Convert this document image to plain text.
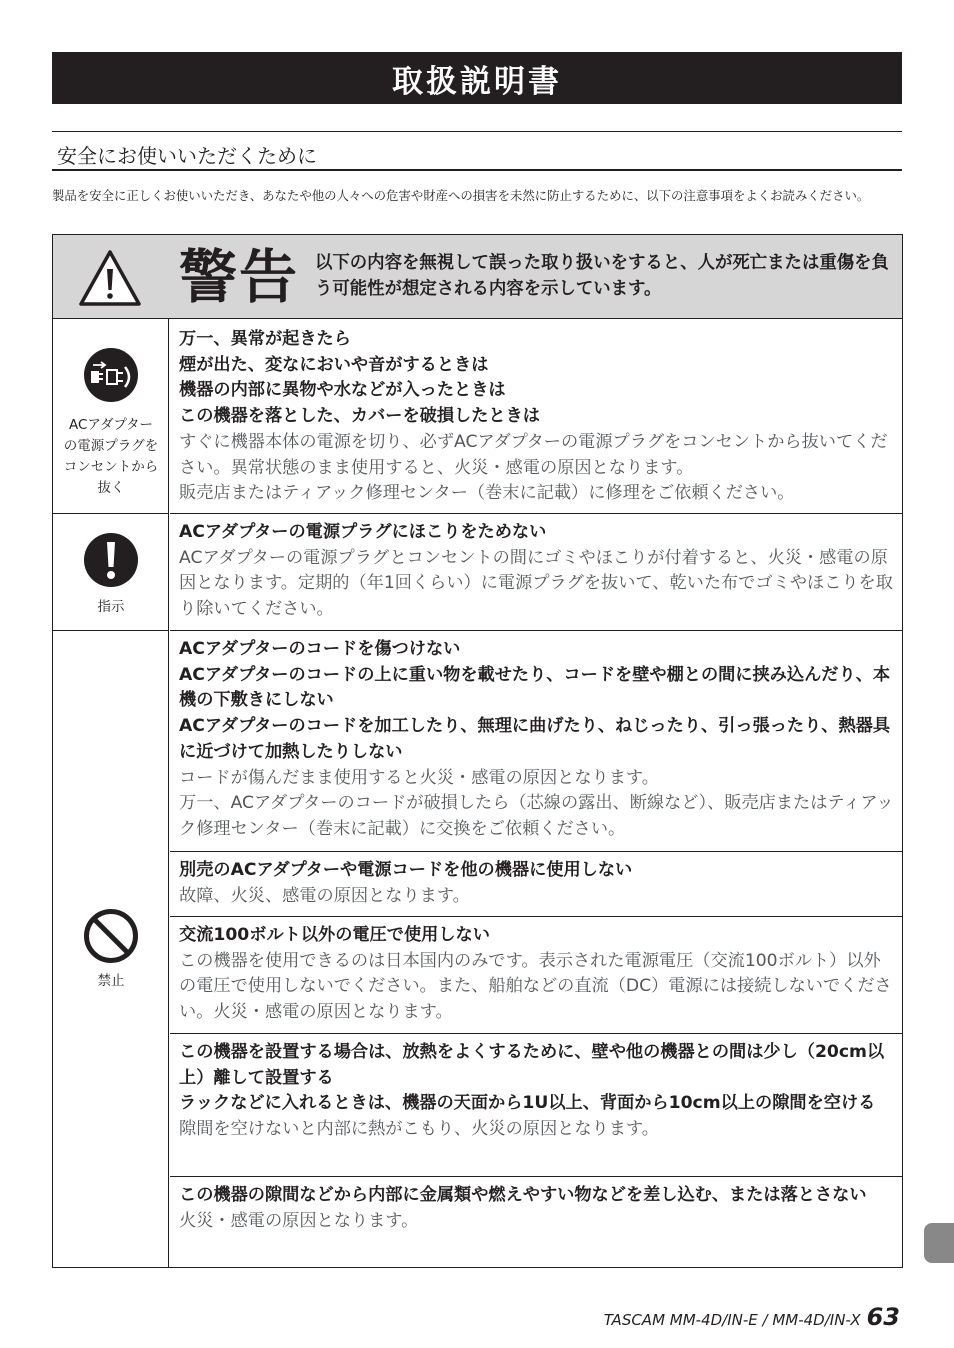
取扱説明書
安全にお使いいただくために
製品を安全に正しくお使いいただき、あなたや他の人々への危害や財産への損害を未然に防止するために、以下の注意事項をよくお読みください。
警告 以下の内容を無視して誤った取り扱いをすると、人が死亡または重傷を負う可能性が想定される内容を示しています。
ACアダプターの電源プラグをコンセントから抜く
指示
禁止
万一、異常が起きたら
煙が出た、変なにおいや音がするときは
機器の内部に異物や水などが入ったときは
この機器を落とした、カバーを破損したときは
すぐに機器本体の電源を切り、必ずACアダプターの電源プラグをコンセントから抜いてください。異常状態のまま使用すると、火災・感電の原因となります。
販売店またはティアック修理センター（巻末に記載）に修理をご依頼ください。
ACアダプターの電源プラグにほこりをためない
ACアダプターの電源プラグとコンセントの間にゴミやほこりが付着すると、火災・感電の原因となります。定期的（年1回くらい）に電源プラグを抜いて、乾いた布でゴミやほこりを取り除いてください。
ACアダプターのコードを傷つけない
ACアダプターのコードの上に重い物を載せたり、コードを壁や棚との間に挟み込んだり、本機の下敷きにしない
ACアダプターのコードを加工したり、無理に曲げたり、ねじったり、引っ張ったり、熱器具に近づけて加熱したりしない
コードが傷んだまま使用すると火災・感電の原因となります。
万一、ACアダプターのコードが破損したら（芯線の露出、断線など）、販売店またはティアック修理センター（巻末に記載）に交換をご依頼ください。
別売のACアダプターや電源コードを他の機器に使用しない
故障、火災、感電の原因となります。
交流100ボルト以外の電圧で使用しない
この機器を使用できるのは日本国内のみです。表示された電源電圧（交流100ボルト）以外の電圧で使用しないでください。また、船舶などの直流（DC）電源には接続しないでください。火災・感電の原因となります。
この機器を設置する場合は、放熱をよくするために、壁や他の機器との間は少し（20cm以上）離して設置する
ラックなどに入れるときは、機器の天面から1U以上、背面から10cm以上の隙間を空ける
隙間を空けないと内部に熱がこもり、火災の原因となります。
この機器の隙間などから内部に金属類や燃えやすい物などを差し込む、または落とさない
火災・感電の原因となります。
TASCAM MM-4D/IN-E / MM-4D/IN-X 63
